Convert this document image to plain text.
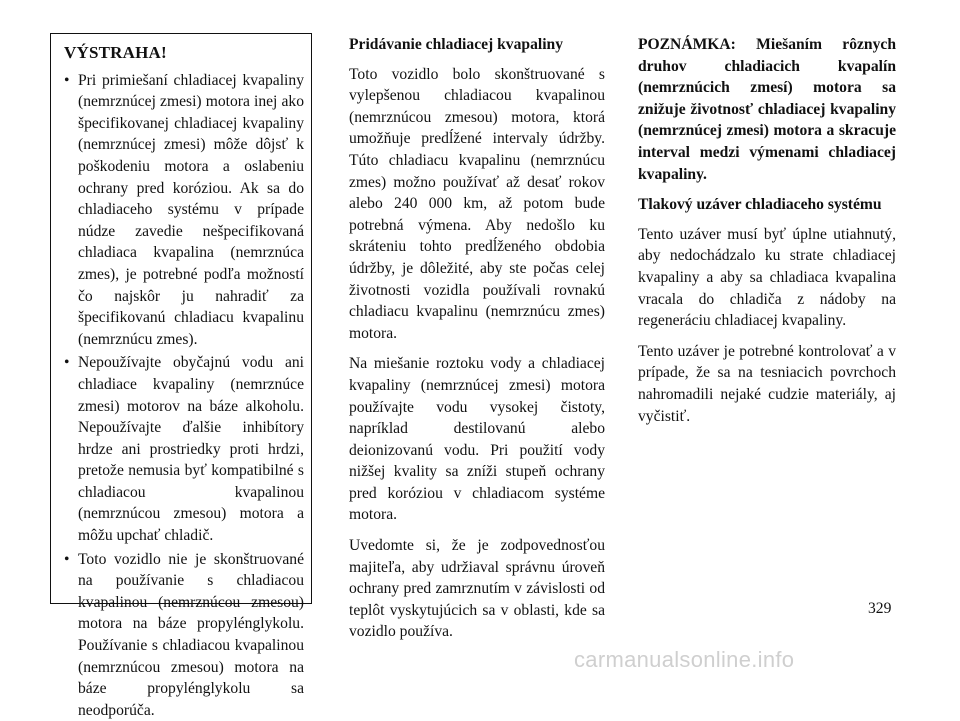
VÝSTRAHA!
• Pri primiešaní chladiacej kvapaliny (nemrznúcej zmesi) motora inej ako špecifikovanej chladiacej kvapaliny (nemrznúcej zmesi) môže dôjsť k poškodeniu motora a oslabeniu ochrany pred koróziou. Ak sa do chladiaceho systému v prípade núdze zavedie nešpecifikovaná chladiaca kvapalina (nemrznúca zmes), je potrebné podľa možností čo najskôr ju nahradiť za špecifikovanú chladiacu kvapalinu (nemrznúcu zmes).
• Nepoužívajte obyčajnú vodu ani chladiace kvapaliny (nemrznúce zmesi) motorov na báze alkoholu. Nepoužívajte ďalšie inhibítory hrdze ani prostriedky proti hrdzi, pretože nemusia byť kompatibilné s chladiacou kvapalinou (nemrznúcou zmesou) motora a môžu upchať chladič.
• Toto vozidlo nie je skonštruované na používanie s chladiacou kvapalinou (nemrznúcou zmesou) motora na báze propylénglykolu. Používanie s chladiacou kvapalinou (nemrznúcou zmesou) motora na báze propylénglykolu sa neodporúča.

Pridávanie chladiacej kvapaliny

Toto vozidlo bolo skonštruované s vylepšenou chladiacou kvapalinou (nemrznúcou zmesou) motora, ktorá umožňuje predĺžené intervaly údržby. Túto chladiacu kvapalinu (nemrznúcu zmes) možno používať až desať rokov alebo 240 000 km, až potom bude potrebná výmena. Aby nedošlo ku skráteniu tohto predĺženého obdobia údržby, je dôležité, aby ste počas celej životnosti vozidla používali rovnakú chladiacu kvapalinu (nemrznúcu zmes) motora.

Na miešanie roztoku vody a chladiacej kvapaliny (nemrznúcej zmesi) motora používajte vodu vysokej čistoty, napríklad destilovanú alebo deionizovanú vodu. Pri použití vody nižšej kvality sa zníži stupeň ochrany pred koróziou v chladiacom systéme motora.

Uvedomte si, že je zodpovednosťou majiteľa, aby udržiaval správnu úroveň ochrany pred zamrznutím v závislosti od teplôt vyskytujúcich sa v oblasti, kde sa vozidlo používa.

POZNÁMKA: Miešaním rôznych druhov chladiacich kvapalín (nemrznúcich zmesí) motora sa znižuje životnosť chladiacej kvapaliny (nemrznúcej zmesi) motora a skracuje interval medzi výmenami chladiacej kvapaliny.

Tlakový uzáver chladiaceho systému

Tento uzáver musí byť úplne utiahnutý, aby nedochádzalo ku strate chladiacej kvapaliny a aby sa chladiaca kvapalina vracala do chladiča z nádoby na regeneráciu chladiacej kvapaliny.

Tento uzáver je potrebné kontrolovať a v prípade, že sa na tesniacich povrchoch nahromadili nejaké cudzie materiály, aj vyčistiť.

329
carmanualsonline.info
